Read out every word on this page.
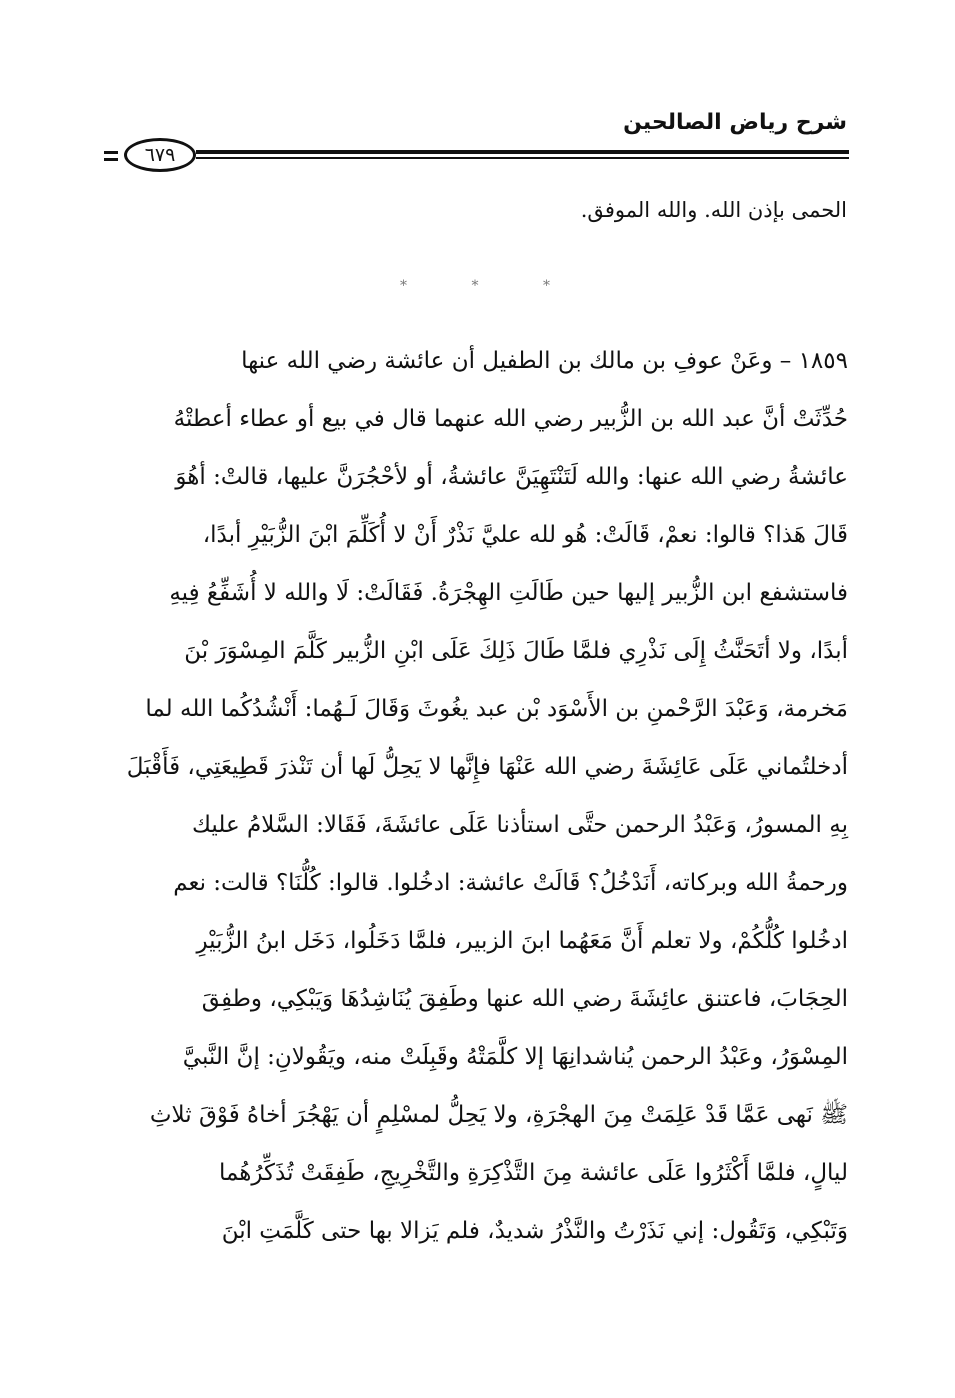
شرح رياض الصالحين
٦٧٩
الحمى بإذن الله. والله الموفق.
*	*	*
١٨٥٩ – وعَنْ عوفِ بن مالك بن الطفيل أن عائشة رضي الله عنها
حُدِّثَتْ أنَّ عبد الله بن الزُّبير رضي الله عنهما قال في بيع أو عطاء أعطتْهُ
عائشةُ رضي الله عنها: والله لَتَنْتَهِيَنَّ عائشةُ، أو لأحْجُرَنَّ عليها، قالتْ: أهُوَ
قَالَ هَذا؟ قالوا: نعمْ، قَالَتْ: هُو لله عليَّ نَذْرٌ أَنْ لا أُكَلِّمَ ابْنَ الزُّبَيْرِ أبدًا،
فاستشفع ابن الزُّبير إليها حين طَالَتِ الهِجْرَةُ. فَقَالَتْ: لَا والله لا أُشَفِّعُ فِيهِ
أبدًا، ولا أتَحَنَّثُ إِلَى نَذْرِي فلمَّا طَالَ ذَلِكَ عَلَى ابْنِ الزُّبير كَلَّمَ المِسْوَرَ بْنَ
مَخرمة، وَعَبْدَ الرَّحْمنِ بن الأَسْوَد بْن عبد يغُوثَ وَقَالَ لَـهُما: أَنْشُدُكُما الله لما
أدخلتُماني عَلَى عَائِشَةَ رضي الله عَنْهَا فإِنَّها لا يَحِلُّ لَها أن تَنْذرَ قَطِيعَتِي، فَأَقْبَلَ
بِهِ المسورُ، وَعَبْدُ الرحمن حتَّى استأذنا عَلَى عائشَةَ، فَقَالا: السَّلامُ عليك
ورحمةُ الله وبركاته، أَنَدْخُلُ؟ قَالَتْ عائشة: ادخُلوا. قالوا: كُلُّنَا؟ قالت: نعم
ادخُلوا كُلُّكُمْ، ولا تعلم أَنَّ مَعَهُما ابنَ الزبير، فلمَّا دَخَلُوا، دَخَل ابنُ الزُّبَيْرِ
الحِجَابَ، فاعتنق عائِشَةَ رضي الله عنها وطَفِقَ يُنَاشِدُهَا وَيَبْكِي، وطفِقَ
المِسْوَرُ، وعَبْدُ الرحمن يُناشدانِهَا إلا كلَّمَتْهُ وقَبِلَتْ منه، ويَقُولانِ: إنَّ النَّبيَّ
ﷺ نَهى عَمَّا قَدْ عَلِمَتْ مِنَ الهجْرَةِ، ولا يَحِلُّ لمسْلِمٍ أن يَهْجُرَ أخاهُ فَوْقَ ثلاثِ
ليالٍ، فلمَّا أَكْثَرُوا عَلَى عائشة مِنَ التَّذْكِرَةِ والتَّخْرِيجِ، طَفِقَتْ تُذَكِّرُهُما
وَتَبْكِي، وَتَقُول: إني نَذَرْتُ والنَّذْرُ شديدٌ، فلم يَزالا بها حتى كَلَّمَتِ ابْنَ
